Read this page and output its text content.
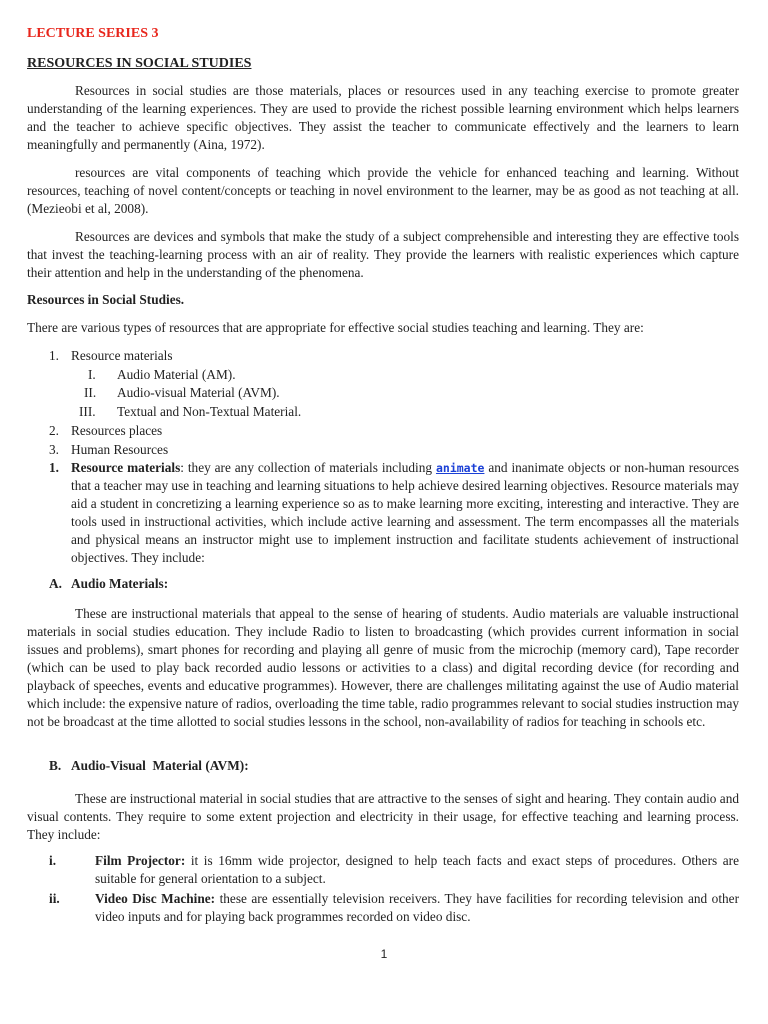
LECTURE SERIES 3
RESOURCES IN SOCIAL STUDIES

Resources in social studies are those materials, places or resources used in any teaching exercise to promote greater understanding of the learning experiences. They are used to provide the richest possible learning environment which helps learners and the teacher to achieve specific objectives. They assist the teacher to communicate effectively and the learners to learn meaningfully and permanently (Aina, 1972).

resources are vital components of teaching which provide the vehicle for enhanced teaching and learning. Without resources, teaching of novel content/concepts or teaching in novel environment to the learner, may be as good as not teaching at all. (Mezieobi et al, 2008).

Resources are devices and symbols that make the study of a subject comprehensible and interesting they are effective tools that invest the teaching-learning process with an air of reality. They provide the learners with realistic experiences which capture their attention and help in the understanding of the phenomena.

Resources in Social Studies.
There are various types of resources that are appropriate for effective social studies teaching and learning. They are:
1. Resource materials
I. Audio Material (AM).
II. Audio-visual Material (AVM).
III. Textual and Non-Textual Material.
2. Resources places
3. Human Resources
1. Resource materials: they are any collection of materials including animate and inanimate objects or non-human resources that a teacher may use in teaching and learning situations to help achieve desired learning objectives. Resource materials may aid a student in concretizing a learning experience so as to make learning more exciting, interesting and interactive. They are tools used in instructional activities, which include active learning and assessment. The term encompasses all the materials and physical means an instructor might use to implement instruction and facilitate students achievement of instructional objectives. They include:
A. Audio Materials:

These are instructional materials that appeal to the sense of hearing of students. Audio materials are valuable instructional materials in social studies education. They include Radio to listen to broadcasting (which provides current information in social issues and problems), smart phones for recording and playing all genre of music from the microchip (memory card), Tape recorder (which can be used to play back recorded audio lessons or activities to a class) and digital recording device (for recording and playback of speeches, events and educative programmes). However, there are challenges militating against the use of Audio material which include: the expensive nature of radios, overloading the time table, radio programmes relevant to social studies instruction may not be broadcast at the time allotted to social studies lessons in the school, non-availability of radios for teaching in schools etc.

B. Audio-Visual  Material (AVM):

These are instructional material in social studies that are attractive to the senses of sight and hearing. They contain audio and visual contents. They require to some extent projection and electricity in their usage, for effective teaching and learning process. They include:

i.	Film Projector: it is 16mm wide projector, designed to help teach facts and exact steps of procedures. Others are suitable for general orientation to a subject.
ii.	Video Disc Machine: these are essentially television receivers. They have facilities for recording television and other video inputs and for playing back programmes recorded on video disc.
1
